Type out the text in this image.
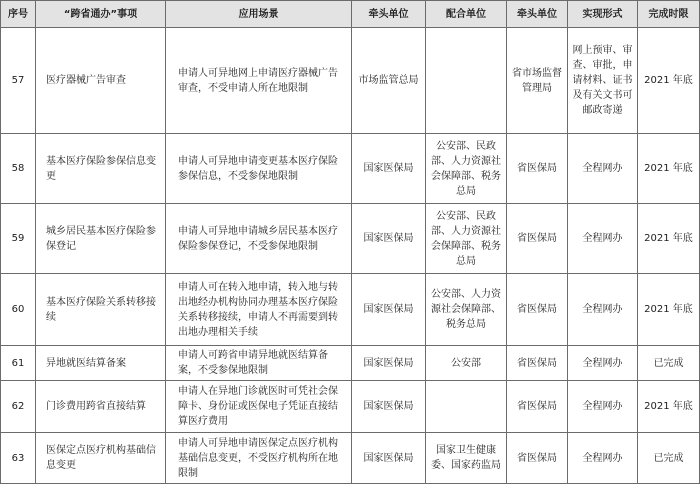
序号	“跨省通办”事项	应用场景	牵头单位	配合单位	牵头单位	实现形式	完成时限
57	医疗器械广告审查	申请人可异地网上申请医疗器械广告审查，不受申请人所在地限制	市场监管总局		省市场监督管理局	网上预审、审查、审批，申请材料、证书及有关文书可邮政寄递	2021 年底
58	基本医疗保险参保信息变更	申请人可异地申请变更基本医疗保险参保信息，不受参保地限制	国家医保局	公安部、民政部、人力资源社会保障部、税务总局	省医保局	全程网办	2021 年底
59	城乡居民基本医疗保险参保登记	申请人可异地申请城乡居民基本医疗保险参保登记，不受参保地限制	国家医保局	公安部、民政部、人力资源社会保障部、税务总局	省医保局	全程网办	2021 年底
60	基本医疗保险关系转移接续	申请人可在转入地申请，转入地与转出地经办机构协同办理基本医疗保险关系转移接续，申请人不再需要到转出地办理相关手续	国家医保局	公安部、人力资源社会保障部、税务总局	省医保局	全程网办	2021 年底
61	异地就医结算备案	申请人可跨省申请异地就医结算备案，不受参保地限制	国家医保局	公安部	省医保局	全程网办	已完成
62	门诊费用跨省直接结算	申请人在异地门诊就医时可凭社会保障卡、身份证或医保电子凭证直接结算医疗费用	国家医保局		省医保局	全程网办	2021 年底
63	医保定点医疗机构基础信息变更	申请人可异地申请医保定点医疗机构基础信息变更，不受医疗机构所在地限制	国家医保局	国家卫生健康委、国家药监局	省医保局	全程网办	已完成
